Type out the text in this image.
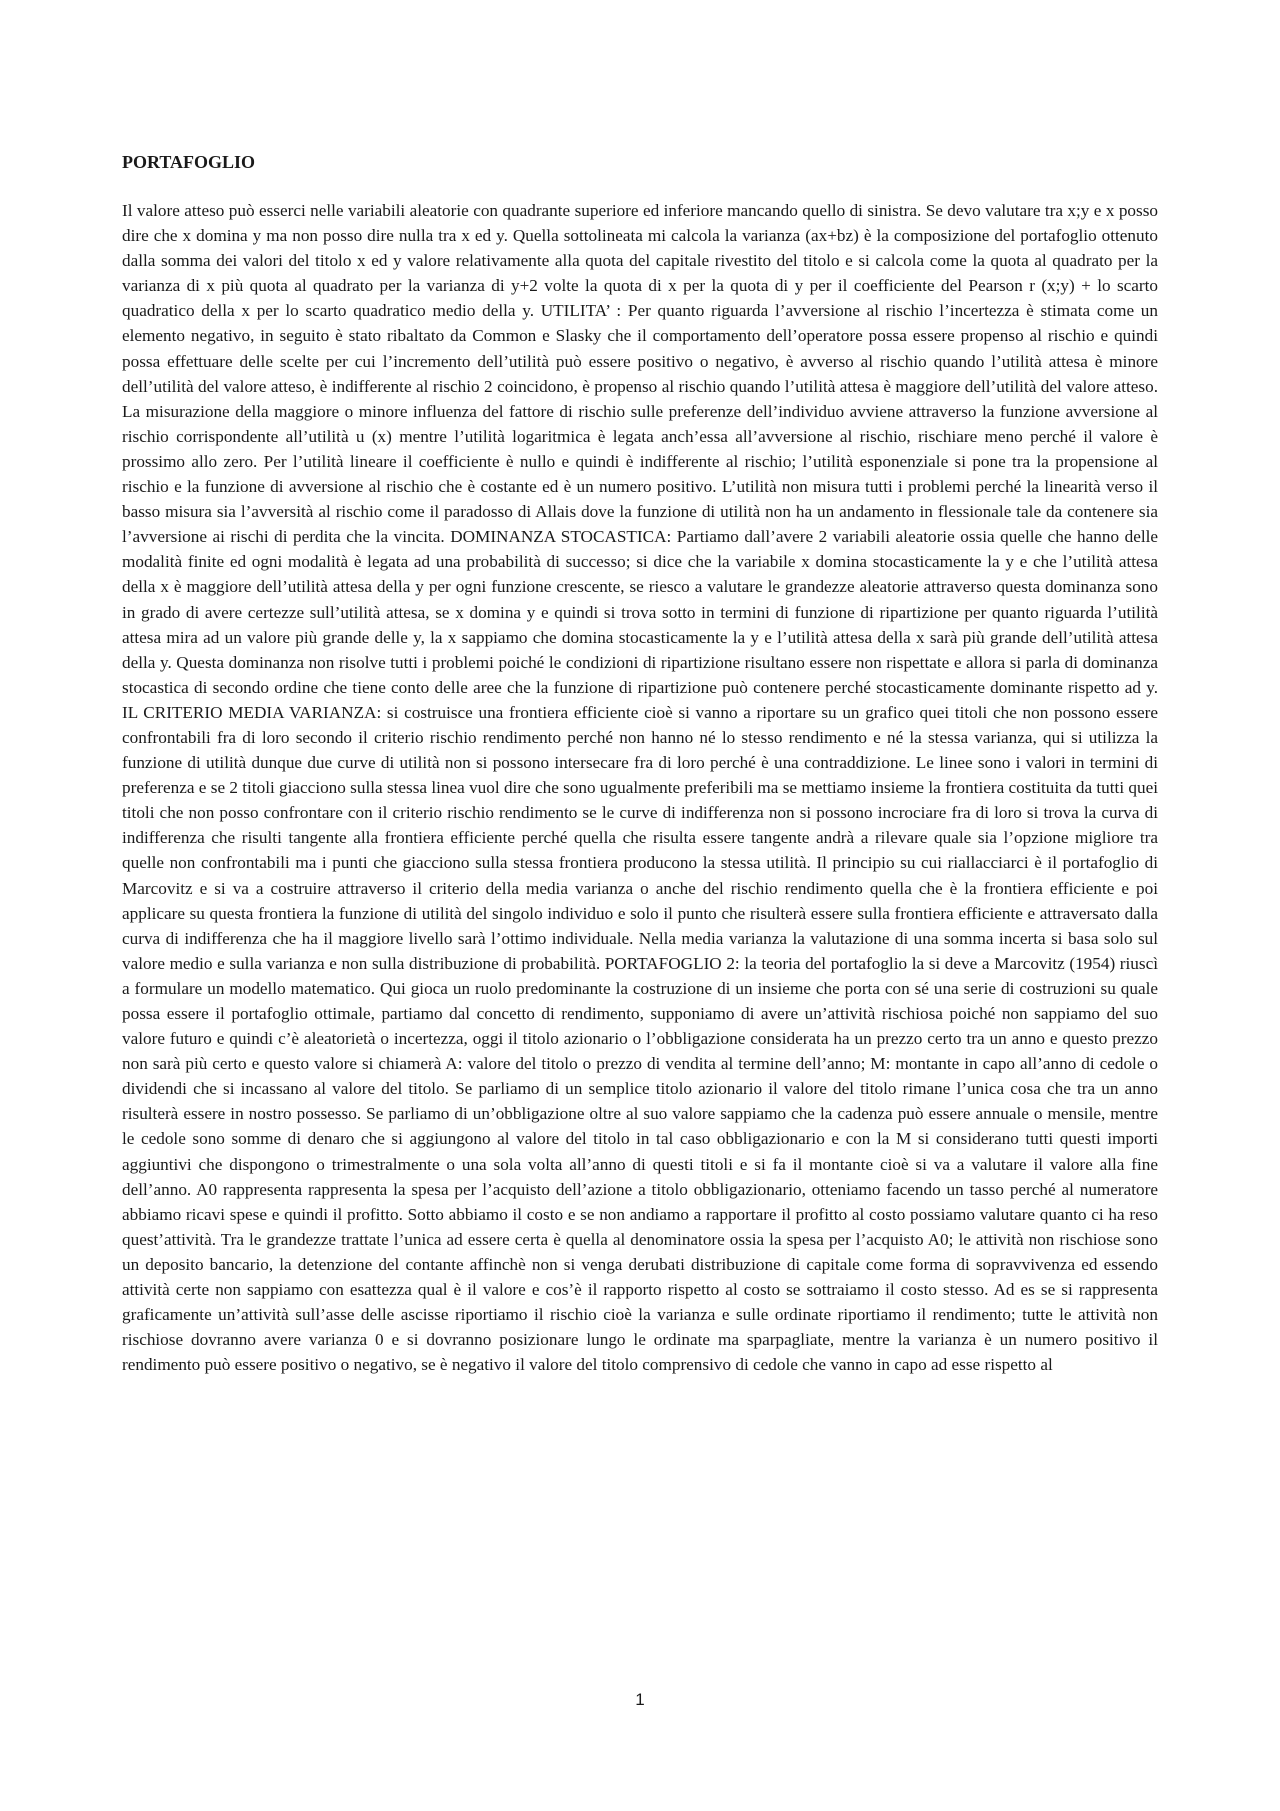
PORTAFOGLIO

Il valore atteso può esserci nelle variabili aleatorie con quadrante superiore ed inferiore mancando quello di sinistra. Se devo valutare tra x;y e x posso dire che x domina y ma non posso dire nulla tra x ed y. Quella sottolineata mi calcola la varianza (ax+bz) è la composizione del portafoglio ottenuto dalla somma dei valori del titolo x ed y valore relativamente alla quota del capitale rivestito del titolo e si calcola come la quota al quadrato per la varianza di x più quota al quadrato per la varianza di y+2 volte la quota di x per la quota di y per il coefficiente del Pearson r (x;y) + lo scarto quadratico della x per lo scarto quadratico medio della y. UTILITA’ : Per quanto riguarda l’avversione al rischio l’incertezza è stimata come un elemento negativo, in seguito è stato ribaltato da Common e Slasky che il comportamento dell’operatore possa essere propenso al rischio e quindi possa effettuare delle scelte per cui l’incremento dell’utilità può essere positivo o negativo, è avverso al rischio quando l’utilità attesa è minore dell’utilità del valore atteso, è indifferente al rischio 2 coincidono, è propenso al rischio quando l’utilità attesa è maggiore dell’utilità del valore atteso. La misurazione della maggiore o minore influenza del fattore di rischio sulle preferenze dell’individuo avviene attraverso la funzione avversione al rischio corrispondente all’utilità u (x) mentre l’utilità logaritmica è legata anch’essa all’avversione al rischio, rischiare meno perché il valore è prossimo allo zero. Per l’utilità lineare il coefficiente è nullo e quindi è indifferente al rischio; l’utilità esponenziale si pone tra la propensione al rischio e la funzione di avversione al rischio che è costante ed è un numero positivo. L’utilità non misura tutti i problemi perché la linearità verso il basso misura sia l’avversità al rischio come il paradosso di Allais dove la funzione di utilità non ha un andamento in flessionale tale da contenere sia l’avversione ai rischi di perdita che la vincita. DOMINANZA STOCASTICA: Partiamo dall’avere 2 variabili aleatorie ossia quelle che hanno delle modalità finite ed ogni modalità è legata ad una probabilità di successo; si dice che la variabile x domina stocasticamente la y e che l’utilità attesa della x è maggiore dell’utilità attesa della y per ogni funzione crescente, se riesco a valutare le grandezze aleatorie attraverso questa dominanza sono in grado di avere certezze sull’utilità attesa, se x domina y e quindi si trova sotto in termini di funzione di ripartizione per quanto riguarda l’utilità attesa mira ad un valore più grande delle y, la x sappiamo che domina stocasticamente la y e l’utilità attesa della x sarà più grande dell’utilità attesa della y. Questa dominanza non risolve tutti i problemi poiché le condizioni di ripartizione risultano essere non rispettate e allora si parla di dominanza stocastica di secondo ordine che tiene conto delle aree che la funzione di ripartizione può contenere perché stocasticamente dominante rispetto ad y. IL CRITERIO MEDIA VARIANZA: si costruisce una frontiera efficiente cioè si vanno a riportare su un grafico quei titoli che non possono essere confrontabili fra di loro secondo il criterio rischio rendimento perché non hanno né lo stesso rendimento e né la stessa varianza, qui si utilizza la funzione di utilità dunque due curve di utilità non si possono intersecare fra di loro perché è una contraddizione. Le linee sono i valori in termini di preferenza e se 2 titoli giacciono sulla stessa linea vuol dire che sono ugualmente preferibili ma se mettiamo insieme la frontiera costituita da tutti quei titoli che non posso confrontare con il criterio rischio rendimento se le curve di indifferenza non si possono incrociare fra di loro si trova la curva di indifferenza che risulti tangente alla frontiera efficiente perché quella che risulta essere tangente andrà a rilevare quale sia l’opzione migliore tra quelle non confrontabili ma i punti che giacciono sulla stessa frontiera producono la stessa utilità. Il principio su cui riallacciarci è il portafoglio di Marcovitz e si va a costruire attraverso il criterio della media varianza o anche del rischio rendimento quella che è la frontiera efficiente e poi applicare su questa frontiera la funzione di utilità del singolo individuo e solo il punto che risulterà essere sulla frontiera efficiente e attraversato dalla curva di indifferenza che ha il maggiore livello sarà l’ottimo individuale. Nella media varianza la valutazione di una somma incerta si basa solo sul valore medio e sulla varianza e non sulla distribuzione di probabilità. PORTAFOGLIO 2: la teoria del portafoglio la si deve a Marcovitz (1954) riuscì a formulare un modello matematico. Qui gioca un ruolo predominante la costruzione di un insieme che porta con sé una serie di costruzioni su quale possa essere il portafoglio ottimale, partiamo dal concetto di rendimento, supponiamo di avere un’attività rischiosa poiché non sappiamo del suo valore futuro e quindi c’è aleatorietà o incertezza, oggi il titolo azionario o l’obbligazione considerata ha un prezzo certo tra un anno e questo prezzo non sarà più certo e questo valore si chiamerà A: valore del titolo o prezzo di vendita al termine dell’anno; M: montante in capo all’anno di cedole o dividendi che si incassano al valore del titolo. Se parliamo di un semplice titolo azionario il valore del titolo rimane l’unica cosa che tra un anno risulterà essere in nostro possesso. Se parliamo di un’obbligazione oltre al suo valore sappiamo che la cadenza può essere annuale o mensile, mentre le cedole sono somme di denaro che si aggiungono al valore del titolo in tal caso obbligazionario e con la M si considerano tutti questi importi aggiuntivi che dispongono o trimestralmente o una sola volta all’anno di questi titoli e si fa il montante cioè si va a valutare il valore alla fine dell’anno. A0 rappresenta rappresenta la spesa per l’acquisto dell’azione a titolo obbligazionario, otteniamo facendo un tasso perché al numeratore abbiamo ricavi spese e quindi il profitto. Sotto abbiamo il costo e se non andiamo a rapportare il profitto al costo possiamo valutare quanto ci ha reso quest’attività. Tra le grandezze trattate l’unica ad essere certa è quella al denominatore ossia la spesa per l’acquisto A0; le attività non rischiose sono un deposito bancario, la detenzione del contante affinchè non si venga derubati distribuzione di capitale come forma di sopravvivenza ed essendo attività certe non sappiamo con esattezza qual è il valore e cos’è il rapporto rispetto al costo se sottraiamo il costo stesso. Ad es se si rappresenta graficamente un’attività sull’asse delle ascisse riportiamo il rischio cioè la varianza e sulle ordinate riportiamo il rendimento; tutte le attività non rischiose dovranno avere varianza 0 e si dovranno posizionare lungo le ordinate ma sparpagliate, mentre la varianza è un numero positivo il rendimento può essere positivo o negativo, se è negativo il valore del titolo comprensivo di cedole che vanno in capo ad esse rispetto al

1
